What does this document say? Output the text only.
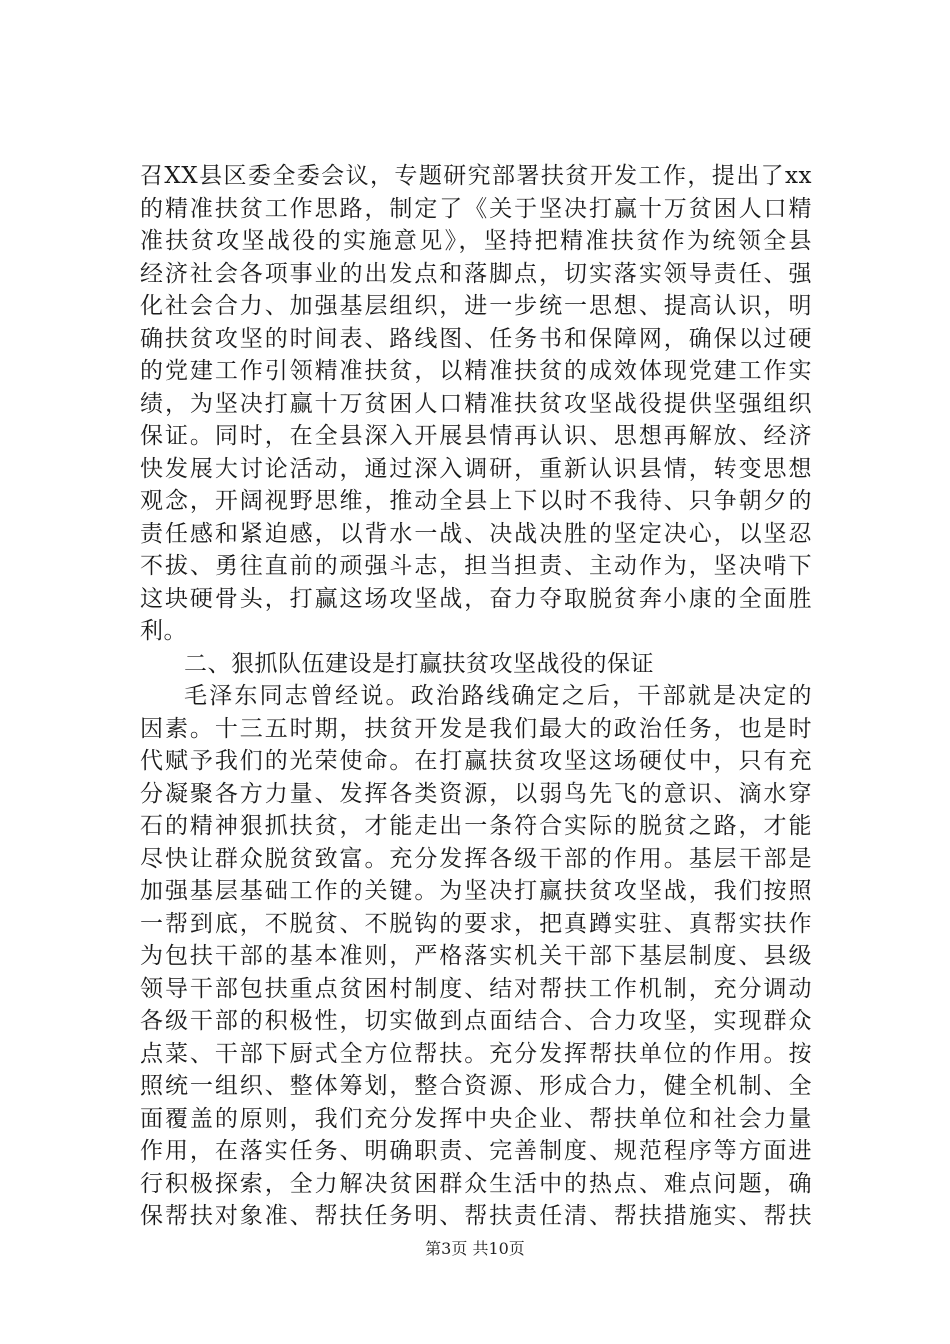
召XX县区委全委会议，专题研究部署扶贫开发工作，提出了xx
的精准扶贫工作思路，制定了《关于坚决打赢十万贫困人口精
准扶贫攻坚战役的实施意见》，坚持把精准扶贫作为统领全县
经济社会各项事业的出发点和落脚点，切实落实领导责任、强
化社会合力、加强基层组织，进一步统一思想、提高认识，明
确扶贫攻坚的时间表、路线图、任务书和保障网，确保以过硬
的党建工作引领精准扶贫，以精准扶贫的成效体现党建工作实
绩，为坚决打赢十万贫困人口精准扶贫攻坚战役提供坚强组织
保证。同时，在全县深入开展县情再认识、思想再解放、经济
快发展大讨论活动，通过深入调研，重新认识县情，转变思想
观念，开阔视野思维，推动全县上下以时不我待、只争朝夕的
责任感和紧迫感，以背水一战、决战决胜的坚定决心，以坚忍
不拔、勇往直前的顽强斗志，担当担责、主动作为，坚决啃下
这块硬骨头，打赢这场攻坚战，奋力夺取脱贫奔小康的全面胜
利。
二、狠抓队伍建设是打赢扶贫攻坚战役的保证
毛泽东同志曾经说。政治路线确定之后，干部就是决定的
因素。十三五时期，扶贫开发是我们最大的政治任务，也是时
代赋予我们的光荣使命。在打赢扶贫攻坚这场硬仗中，只有充
分凝聚各方力量、发挥各类资源，以弱鸟先飞的意识、滴水穿
石的精神狠抓扶贫，才能走出一条符合实际的脱贫之路，才能
尽快让群众脱贫致富。充分发挥各级干部的作用。基层干部是
加强基层基础工作的关键。为坚决打赢扶贫攻坚战，我们按照
一帮到底，不脱贫、不脱钩的要求，把真蹲实驻、真帮实扶作
为包扶干部的基本准则，严格落实机关干部下基层制度、县级
领导干部包扶重点贫困村制度、结对帮扶工作机制，充分调动
各级干部的积极性，切实做到点面结合、合力攻坚，实现群众
点菜、干部下厨式全方位帮扶。充分发挥帮扶单位的作用。按
照统一组织、整体筹划，整合资源、形成合力，健全机制、全
面覆盖的原则，我们充分发挥中央企业、帮扶单位和社会力量
作用，在落实任务、明确职责、完善制度、规范程序等方面进
行积极探索，全力解决贫困群众生活中的热点、难点问题，确
保帮扶对象准、帮扶任务明、帮扶责任清、帮扶措施实、帮扶
第3页 共10页
